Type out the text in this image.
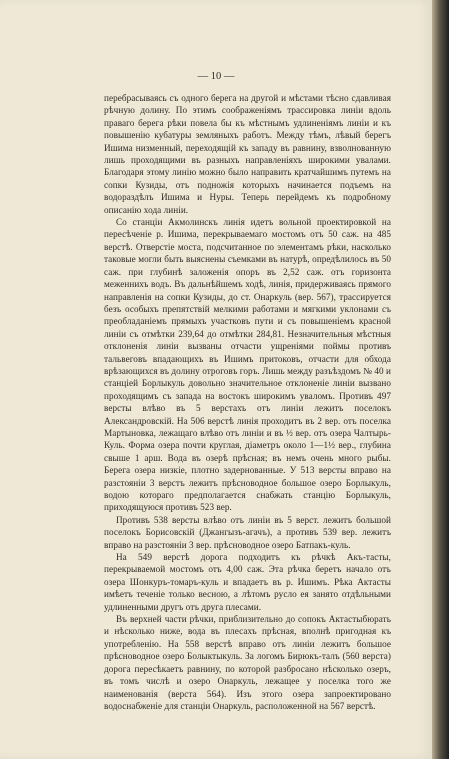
— 10 —

перебрасываясь съ одного берега на другой и мѣстами тѣсно сдавливая рѣчную долину. По этимъ соображеніямъ трассировка линіи вдоль праваго берега рѣки повела бы къ мѣстнымъ удлиненіямъ линіи и къ повышенію кубатуры земляныхъ работъ. Между тѣмъ, лѣвый берегъ Ишима низменный, переходящій къ западу въ равнину, взволнованную лишь проходящими въ разныхъ направленіяхъ широкими увалами. Благодаря этому линію можно было направить кратчайшимъ путемъ на сопки Кузиды, отъ подножія которыхъ начинается подъемъ на водораздѣлъ Ишима и Нуры. Теперь перейдемъ къ подробному описанію хода линіи.

Со станціи Акмолинскъ линія идетъ вольной проектировкой на пересѣченіе р. Ишима, перекрываемаго мостомъ отъ 50 саж. на 485 верстѣ. Отверстіе моста, подсчитанное по элементамъ рѣки, насколько таковые могли быть выяснены съемками въ натурѣ, опредѣлилось въ 50 саж. при глубинѣ заложенія опоръ въ 2,52 саж. отъ горизонта меженнихъ водъ. Въ дальнѣйшемъ ходѣ, линія, придерживаясь прямого направленія на сопки Кузиды, до ст. Онаркуль (вер. 567), трассируется безъ особыхъ препятствій мелкими работами и мягкими уклонами съ преобладаніемъ прямыхъ участковъ пути и съ повышеніемъ красной линіи съ отмѣтки 239,64 до отмѣтки 284,81. Незначительныя мѣстныя отклоненія линіи вызваны отчасти ущреніями поймы противъ тальвеговъ впадающихъ въ Ишимъ притоковъ, отчасти для обхода врѣзающихся въ долину отроговъ горъ. Лишь между разъѣздомъ № 40 и станціей Борлыкуль довольно значительное отклоненіе линіи вызвано проходящимъ съ запада на востокъ широкимъ уваломъ. Противъ 497 версты влѣво въ 5 верстахъ отъ линіи лежитъ поселокъ Александровскій. На 506 верстѣ линія проходитъ въ 2 вер. отъ поселка Мартыновка, лежащаго влѣво отъ линіи и въ ½ вер. отъ озера Чалтырь-Куль. Форма озера почти круглая, діаметръ около 1—1½ вер., глубина свыше 1 арш. Вода въ озерѣ прѣсная; въ немъ очень много рыбы. Берега озера низкіе, плотно задернованные. У 513 версты вправо на разстояніи 3 верстъ лежитъ прѣсноводное большое озеро Борлыкуль, водою котораго предполагается снабжать станцію Борлыкуль, приходящуюся противъ 523 вер.

Противъ 538 версты влѣво отъ линіи въ 5 верст. лежитъ большой поселокъ Борисовскій (Джангызъ-агачъ), а противъ 539 вер. лежитъ вправо на разстояніи 3 вер. прѣсноводное озеро Батпакъ-куль.

На 549 верстѣ дорога подходитъ къ рѣчкѣ Акъ-тасты, перекрываемой мостомъ отъ 4,00 саж. Эта рѣчка беретъ начало отъ озера Шонкуръ-томаръ-куль и впадаетъ въ р. Ишимъ. Рѣка Актасты имѣетъ теченіе только весною, а лѣтомъ русло ея занято отдѣльными удлиненными другъ отъ друга плесами.

Въ верхней части рѣчки, приблизительно до сопокъ Актастыбюрать и нѣсколько ниже, вода въ плесахъ прѣсная, вполнѣ пригодная къ употребленію. На 558 верстѣ вправо отъ линіи лежитъ большое прѣсноводное озеро Болыктыкуль. За логомъ Бирюкъ-талъ (560 верста) дорога пересѣкаетъ равнину, по которой разбросано нѣсколько озеръ, въ томъ числѣ и озеро Онаркуль, лежащее у поселка того же наименованія (верста 564). Изъ этого озера запроектировано водоснабженіе для станціи Онаркуль, расположенной на 567 верстѣ.
